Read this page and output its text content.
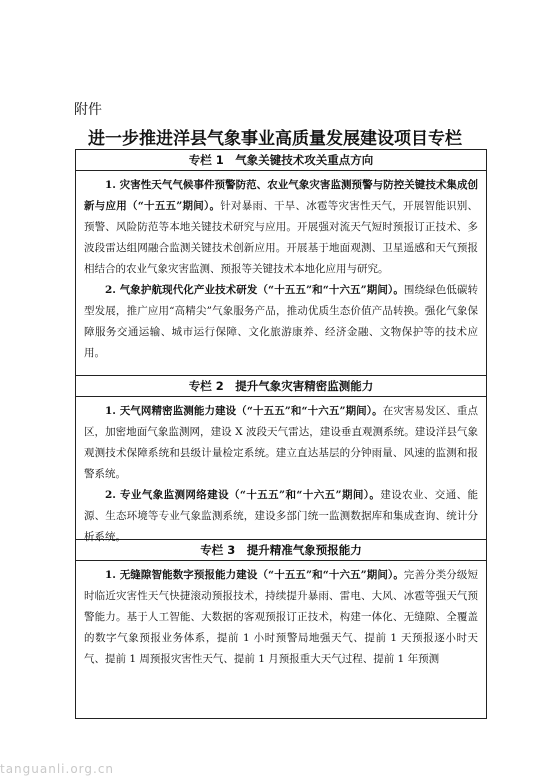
附件
进一步推进洋县气象事业高质量发展建设项目专栏
专栏 1　气象关键技术攻关重点方向

1. 灾害性天气气候事件预警防范、农业气象灾害监测预警与防控关键技术集成创新与应用（“十五五”期间）。针对暴雨、干旱、冰雹等灾害性天气，开展智能识别、预警、风险防范等本地关键技术研究与应用。开展强对流天气短时预报订正技术、多波段雷达组网融合监测关键技术创新应用。开展基于地面观测、卫星遥感和天气预报相结合的农业气象灾害监测、预报等关键技术本地化应用与研究。

2. 气象护航现代化产业技术研发（“十五五”和“十六五”期间）。围绕绿色低碳转型发展，推广应用“高精尖”气象服务产品，推动优质生态价值产品转换。强化气象保障服务交通运输、城市运行保障、文化旅游康养、经济金融、文物保护等的技术应用。

专栏 2　提升气象灾害精密监测能力

1. 天气网精密监测能力建设（“十五五”和“十六五”期间）。在灾害易发区、重点区，加密地面气象监测网，建设 X 波段天气雷达，建设垂直观测系统。建设洋县气象观测技术保障系统和县级计量检定系统。建立直达基层的分钟雨量、风速的监测和报警系统。

2. 专业气象监测网络建设（“十五五”和“十六五”期间）。建设农业、交通、能源、生态环境等专业气象监测系统，建设多部门统一监测数据库和集成查询、统计分析系统。

专栏 3　提升精准气象预报能力

1. 无缝隙智能数字预报能力建设（“十五五”和“十六五”期间）。完善分类分级短时临近灾害性天气快捷滚动预报技术，持续提升暴雨、雷电、大风、冰雹等强天气预警能力。基于人工智能、大数据的客观预报订正技术，构建一体化、无缝隙、全覆盖的数字气象预报业务体系，提前 1 小时预警局地强天气、提前 1 天预报逐小时天气、提前 1 周预报灾害性天气、提前 1 月预报重大天气过程、提前 1 年预测

tanguanli.org.cn
